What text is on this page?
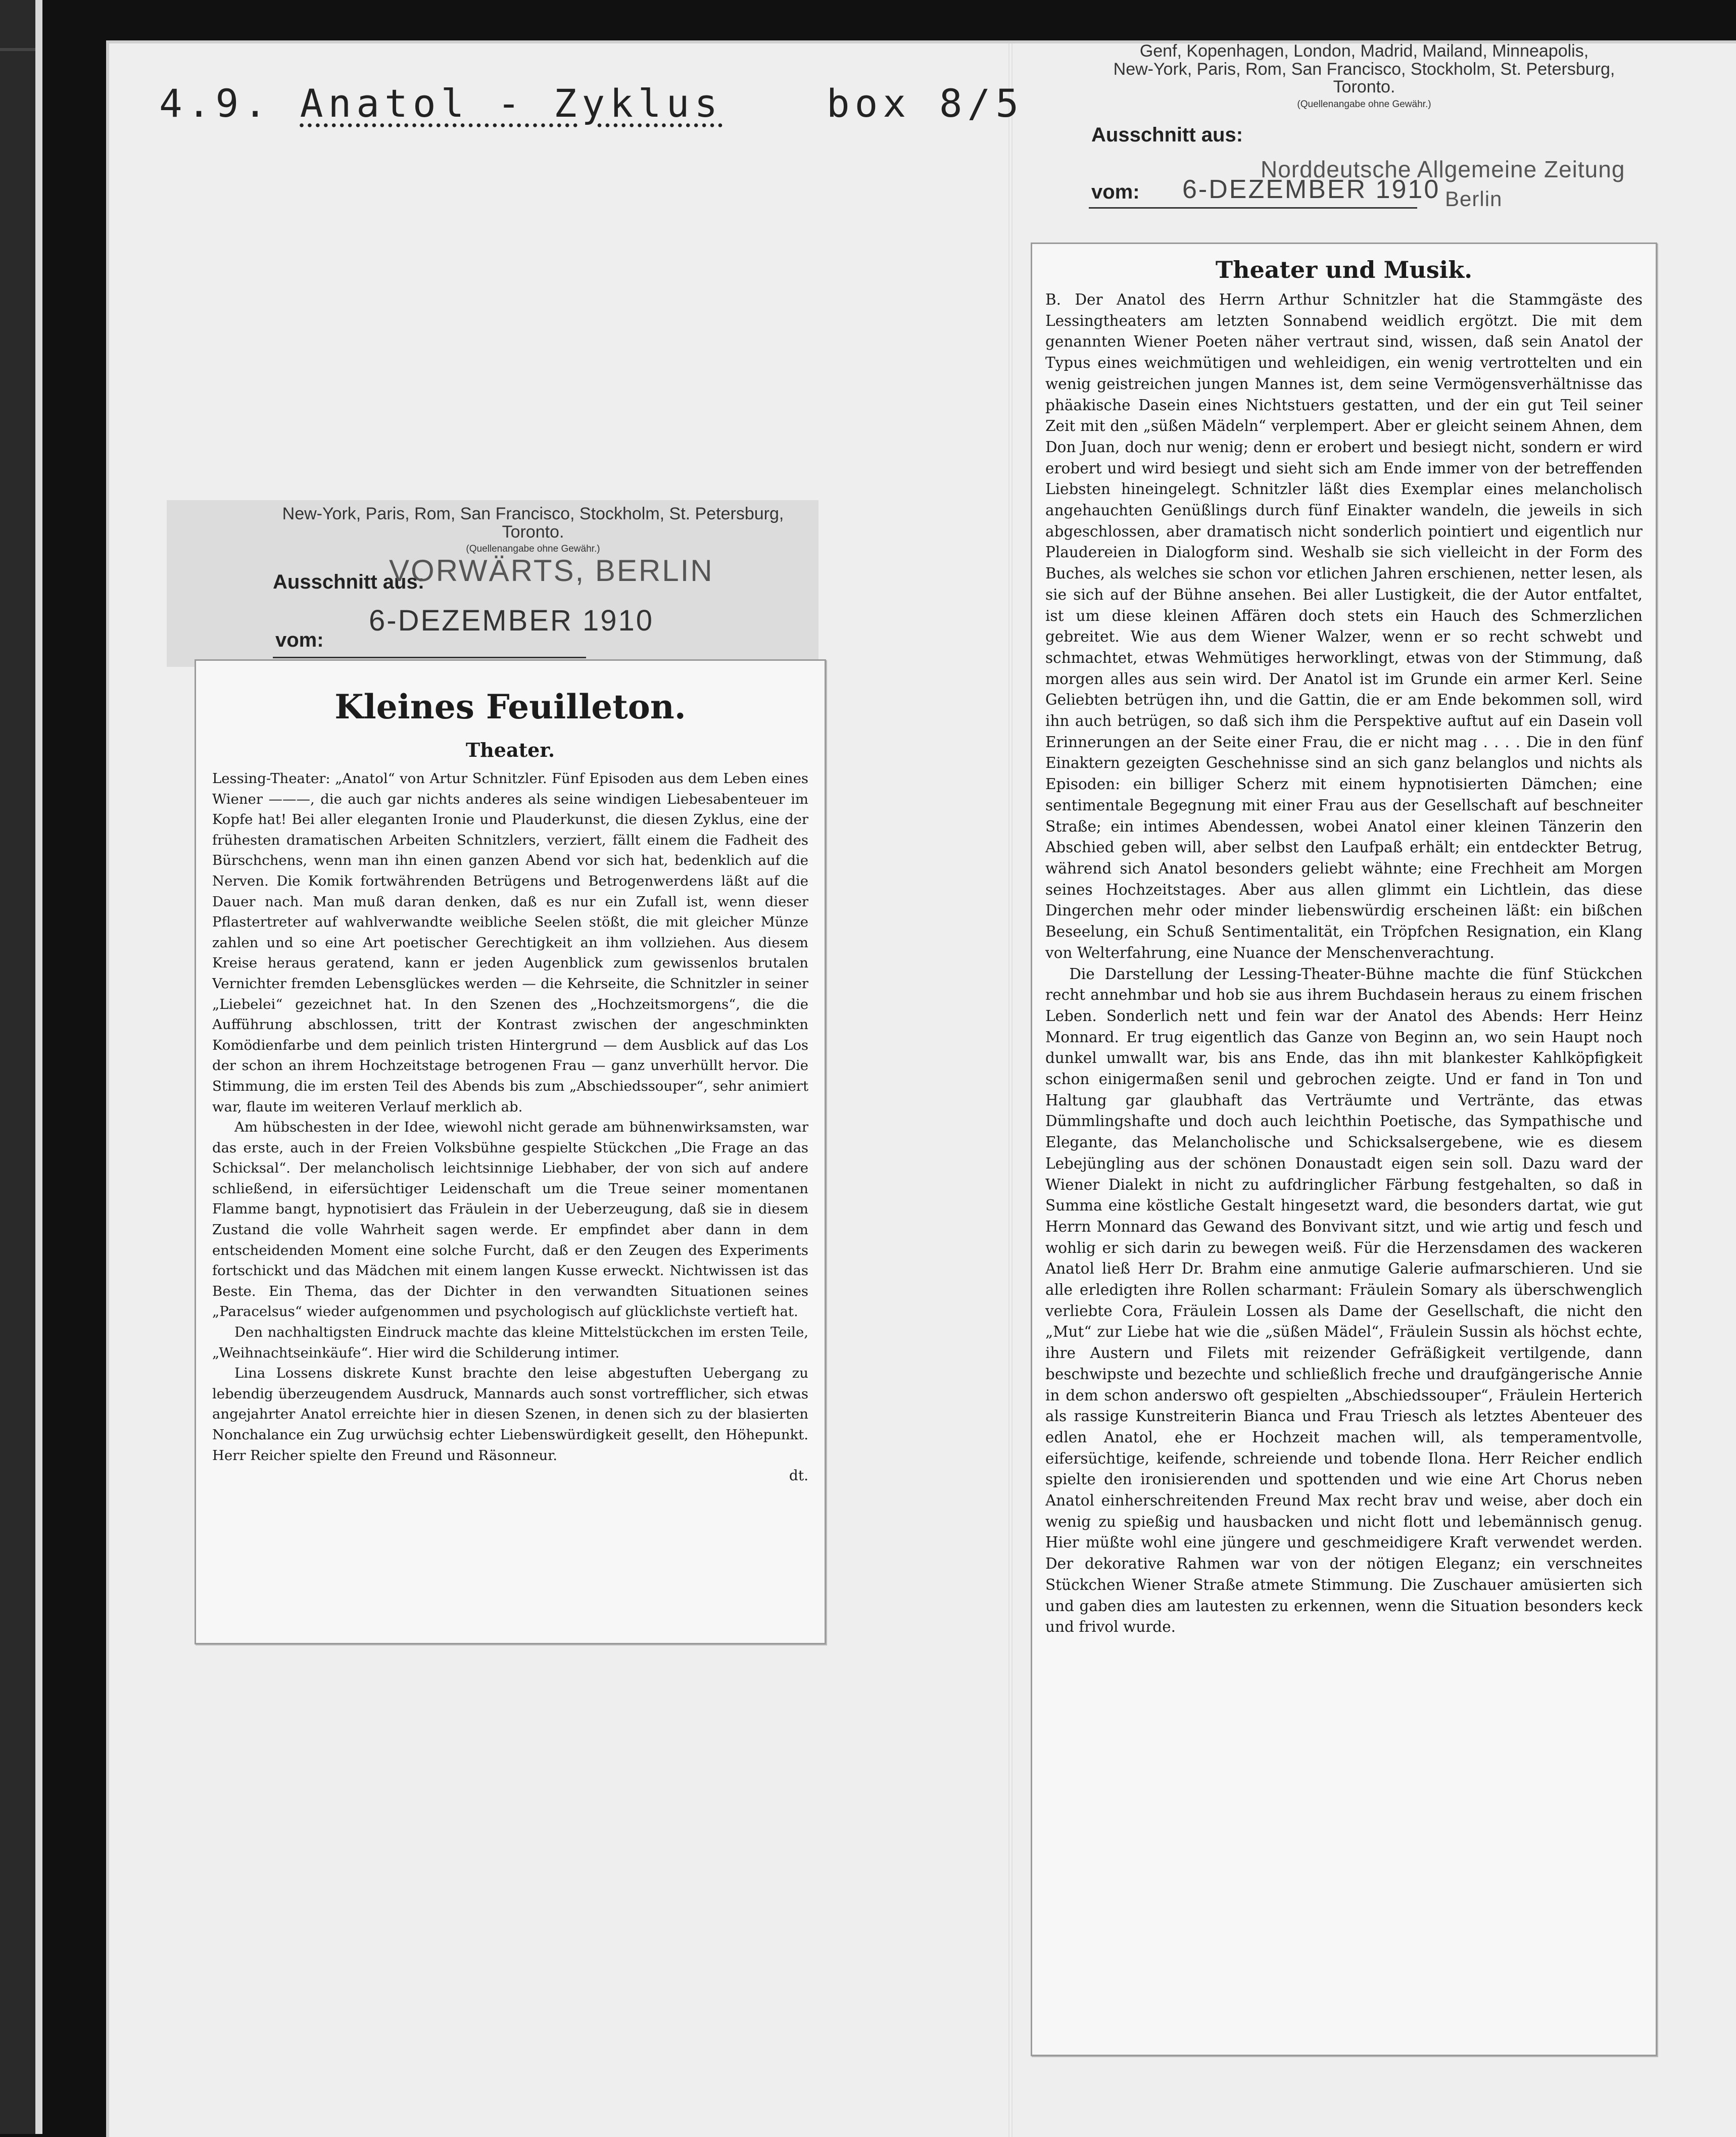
4.9. Anatol - Zyklus	box 8/5
New-York, Paris, Rom, San Francisco, Stockholm, St. Petersburg, Toronto.
(Quellenangabe ohne Gewähr.)
Ausschnitt aus:
VORWÄRTS, BERLIN
vom:
6-DEZEMBER 1910
Kleines Feuilleton.
Theater.

Lessing-Theater: „Anatol“ von Artur Schnitzler. Fünf Episoden aus dem Leben eines Wiener ———, die auch gar nichts anderes als seine windigen Liebesabenteuer im Kopfe hat! Bei aller eleganten Ironie und Plauderkunst, die diesen Zyklus, eine der frühesten dramatischen Arbeiten Schnitzlers, verziert, fällt einem die Fadheit des Bürschchens, wenn man ihn einen ganzen Abend vor sich hat, bedenklich auf die Nerven. Die Komik fortwährenden Betrügens und Betrogenwerdens läßt auf die Dauer nach. Man muß daran denken, daß es nur ein Zufall ist, wenn dieser Pflastertreter auf wahlverwandte weibliche Seelen stößt, die mit gleicher Münze zahlen und so eine Art poetischer Gerechtigkeit an ihm vollziehen. Aus diesem Kreise heraus geratend, kann er jeden Augenblick zum gewissenlos brutalen Vernichter fremden Lebensglückes werden — die Kehrseite, die Schnitzler in seiner „Liebelei“ gezeichnet hat. In den Szenen des „Hochzeitsmorgens“, die die Aufführung abschlossen, tritt der Kontrast zwischen der angeschminkten Komödienfarbe und dem peinlich tristen Hintergrund — dem Ausblick auf das Los der schon an ihrem Hochzeitstage betrogenen Frau — ganz unverhüllt hervor. Die Stimmung, die im ersten Teil des Abends bis zum „Abschiedssouper“, sehr animiert war, flaute im weiteren Verlauf merklich ab.

Am hübschesten in der Idee, wiewohl nicht gerade am bühnenwirksamsten, war das erste, auch in der Freien Volksbühne gespielte Stückchen „Die Frage an das Schicksal“. Der melancholisch leichtsinnige Liebhaber, der von sich auf andere schließend, in eifersüchtiger Leidenschaft um die Treue seiner momentanen Flamme bangt, hypnotisiert das Fräulein in der Ueberzeugung, daß sie in diesem Zustand die volle Wahrheit sagen werde. Er empfindet aber dann in dem entscheidenden Moment eine solche Furcht, daß er den Zeugen des Experiments fortschickt und das Mädchen mit einem langen Kusse erweckt. Nichtwissen ist das Beste. Ein Thema, das der Dichter in den verwandten Situationen seines „Paracelsus“ wieder aufgenommen und psychologisch auf glücklichste vertieft hat.

Den nachhaltigsten Eindruck machte das kleine Mittelstückchen im ersten Teile, „Weihnachtseinkäufe“. Hier wird die Schilderung intimer.

Lina Lossens diskrete Kunst brachte den leise abgestuften Uebergang zu lebendig überzeugendem Ausdruck, Mannards auch sonst vortrefflicher, sich etwas angejahrter Anatol erreichte hier in diesen Szenen, in denen sich zu der blasierten Nonchalance ein Zug urwüchsig echter Liebenswürdigkeit gesellt, den Höhepunkt. Herr Reicher spielte den Freund und Räsonneur.

dt.
Genf, Kopenhagen, London, Madrid, Mailand, Minneapolis,
New-York, Paris, Rom, San Francisco, Stockholm, St. Petersburg, Toronto.
(Quellenangabe ohne Gewähr.)
Ausschnitt aus:
Norddeutsche Allgemeine Zeitung
Berlin
vom: 6-DEZEMBER 1910
Theater und Musik.

B. Der Anatol des Herrn Arthur Schnitzler hat die Stammgäste des Lessingtheaters am letzten Sonnabend weidlich ergötzt. Die mit dem genannten Wiener Poeten näher vertraut sind, wissen, daß sein Anatol der Typus eines weichmütigen und wehleidigen, ein wenig vertrottelten und ein wenig geistreichen jungen Mannes ist, dem seine Vermögensverhältnisse das phäakische Dasein eines Nichtstuers gestatten, und der ein gut Teil seiner Zeit mit den „süßen Mädeln“ verplempert. Aber er gleicht seinem Ahnen, dem Don Juan, doch nur wenig; denn er erobert und besiegt nicht, sondern er wird erobert und wird besiegt und sieht sich am Ende immer von der betreffenden Liebsten hineingelegt. Schnitzler läßt dies Exemplar eines melancholisch angehauchten Genüßlings durch fünf Einakter wandeln, die jeweils in sich abgeschlossen, aber dramatisch nicht sonderlich pointiert und eigentlich nur Plaudereien in Dialogform sind. Weshalb sie sich vielleicht in der Form des Buches, als welches sie schon vor etlichen Jahren erschienen, netter lesen, als sie sich auf der Bühne ansehen. Bei aller Lustigkeit, die der Autor entfaltet, ist um diese kleinen Affären doch stets ein Hauch des Schmerzlichen gebreitet. Wie aus dem Wiener Walzer, wenn er so recht schwebt und schmachtet, etwas Wehmütiges herworklingt, etwas von der Stimmung, daß morgen alles aus sein wird. Der Anatol ist im Grunde ein armer Kerl. Seine Geliebten betrügen ihn, und die Gattin, die er am Ende bekommen soll, wird ihn auch betrügen, so daß sich ihm die Perspektive auftut auf ein Dasein voll Erinnerungen an der Seite einer Frau, die er nicht mag . . . . Die in den fünf Einaktern gezeigten Geschehnisse sind an sich ganz belanglos und nichts als Episoden: ein billiger Scherz mit einem hypnotisierten Dämchen; eine sentimentale Begegnung mit einer Frau aus der Gesellschaft auf beschneiter Straße; ein intimes Abendessen, wobei Anatol einer kleinen Tänzerin den Abschied geben will, aber selbst den Laufpaß erhält; ein entdeckter Betrug, während sich Anatol besonders geliebt wähnte; eine Frechheit am Morgen seines Hochzeitstages. Aber aus allen glimmt ein Lichtlein, das diese Dingerchen mehr oder minder liebenswürdig erscheinen läßt: ein bißchen Beseelung, ein Schuß Sentimentalität, ein Tröpfchen Resignation, ein Klang von Welterfahrung, eine Nuance der Menschenverachtung.

Die Darstellung der Lessing-Theater-Bühne machte die fünf Stückchen recht annehmbar und hob sie aus ihrem Buchdasein heraus zu einem frischen Leben. Sonderlich nett und fein war der Anatol des Abends: Herr Heinz Monnard. Er trug eigentlich das Ganze von Beginn an, wo sein Haupt noch dunkel umwallt war, bis ans Ende, das ihn mit blankester Kahlköpfigkeit schon einigermaßen senil und gebrochen zeigte. Und er fand in Ton und Haltung gar glaubhaft das Verträumte und Verträntе, das etwas Dümmlingshafte und doch auch leichthin Poetische, das Sympathische und Elegante, das Melancholische und Schicksalsergebene, wie es diesem Lebejüngling aus der schönen Donaustadt eigen sein soll. Dazu ward der Wiener Dialekt in nicht zu aufdringlicher Färbung festgehalten, so daß in Summa eine köstliche Gestalt hingesetzt ward, die besonders dartat, wie gut Herrn Monnard das Gewand des Bonvivant sitzt, und wie artig und fesch und wohlig er sich darin zu bewegen weiß. Für die Herzensdamen des wackeren Anatol ließ Herr Dr. Brahm eine anmutige Galerie aufmarschieren. Und sie alle erledigten ihre Rollen scharmant: Fräulein Somary als überschwenglich verliebte Cora, Fräulein Lossen als Dame der Gesellschaft, die nicht den „Mut“ zur Liebe hat wie die „süßen Mädel“, Fräulein Sussin als höchst echte, ihre Austern und Filets mit reizender Gefräßigkeit vertilgende, dann beschwipste und bezechte und schließlich freche und draufgängerische Annie in dem schon anderswo oft gespielten „Abschiedssouper“, Fräulein Herterich als rassige Kunstreiterin Bianca und Frau Triesch als letztes Abenteuer des edlen Anatol, ehe er Hochzeit machen will, als temperamentvolle, eifersüchtige, keifende, schreiende und tobende Ilona. Herr Reicher endlich spielte den ironisierenden und spottenden und wie eine Art Chorus neben Anatol einherschreitenden Freund Max recht brav und weise, aber doch ein wenig zu spießig und hausbacken und nicht flott und lebemännisch genug. Hier müßte wohl eine jüngere und geschmeidigere Kraft verwendet werden. Der dekorative Rahmen war von der nötigen Eleganz; ein verschneites Stückchen Wiener Straße atmete Stimmung. Die Zuschauer amüsierten sich und gaben dies am lautesten zu erkennen, wenn die Situation besonders keck und frivol wurde.
